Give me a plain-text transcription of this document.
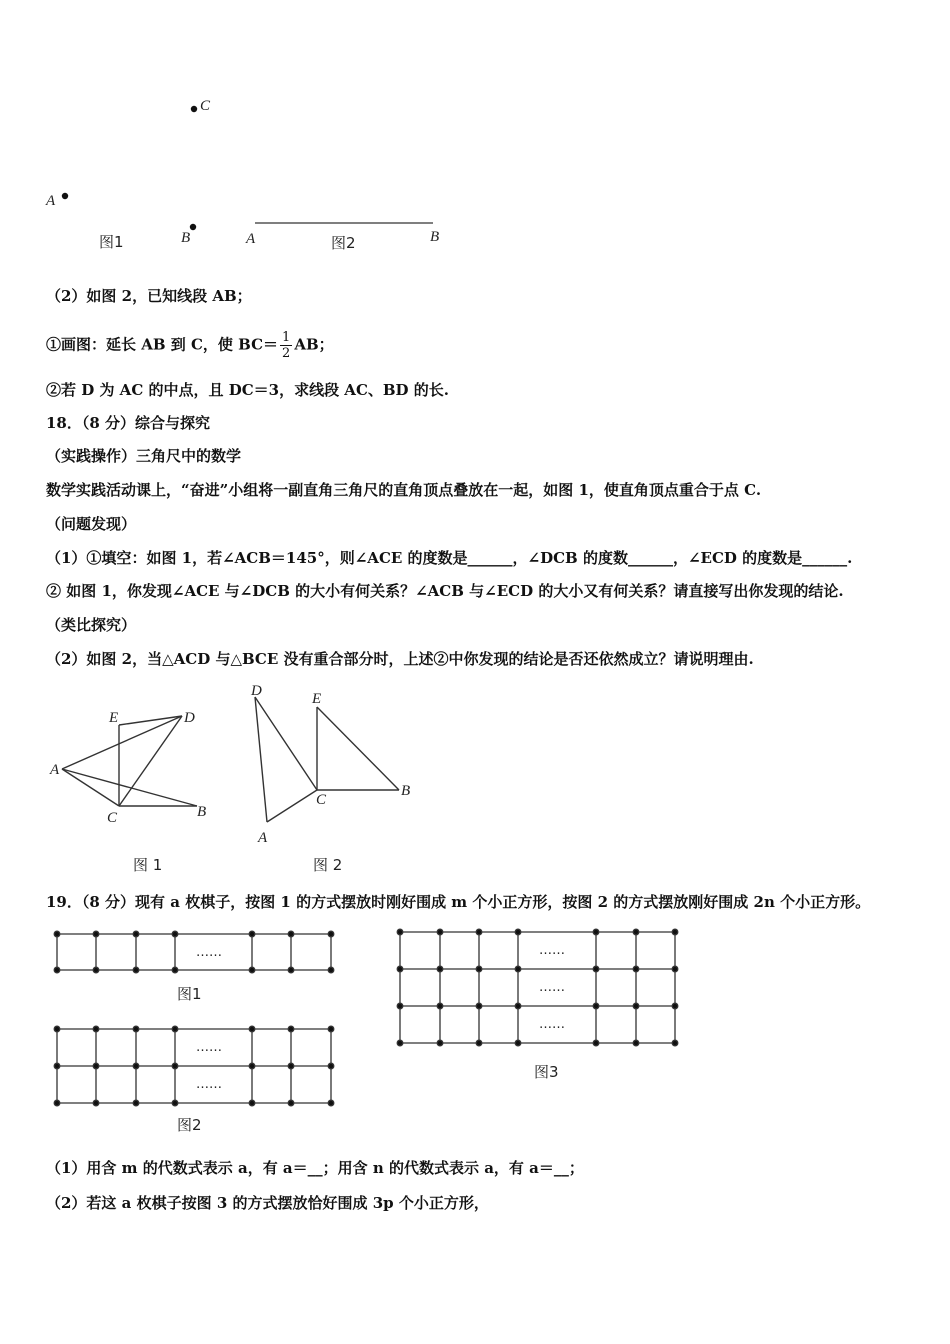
C
A
B
图1	A	B
图2
（2）如图 2，已知线段 AB；
①画图：延长 AB 到 C，使 $BC= \frac{1}{2}$ AB；
②若 D 为 AC 的中点，且 DC＝3，求线段 AC、BD 的长.
18．（8 分）综合与探究
（实践操作）三角尺中的数学
数学实践活动课上，“奋进”小组将一副直角三角尺的直角顶点叠放在一起，如图 1，使直角顶点重合于点 C.
（问题发现）
（1）①填空：如图 1，若∠ACB＝145°，则∠ACE 的度数是______，∠DCB 的度数______，∠ECD 的度数是______.
② 如图 1，你发现∠ACE 与∠DCB 的大小有何关系？∠ACB 与∠ECD 的大小又有何关系？请直接写出你发现的结论.
（类比探究）
（2）如图 2，当△ACD 与△BCE 没有重合部分时，上述②中你发现的结论是否还依然成立？请说明理由.
E	D
A
C	B
图 1
D	E
C
B
A
图 2
19．（8 分）现有 a 枚棋子，按图 1 的方式摆放时刚好围成 m 个小正方形，按图 2 的方式摆放刚好围成 2n 个小正方形。
……
图1
……
……
图2
……
……
……
图3
（1）用含 m 的代数式表示 a，有 a＝__；用含 n 的代数式表示 a，有 a＝__；
（2）若这 a 枚棋子按图 3 的方式摆放恰好围成 3p 个小正方形，
